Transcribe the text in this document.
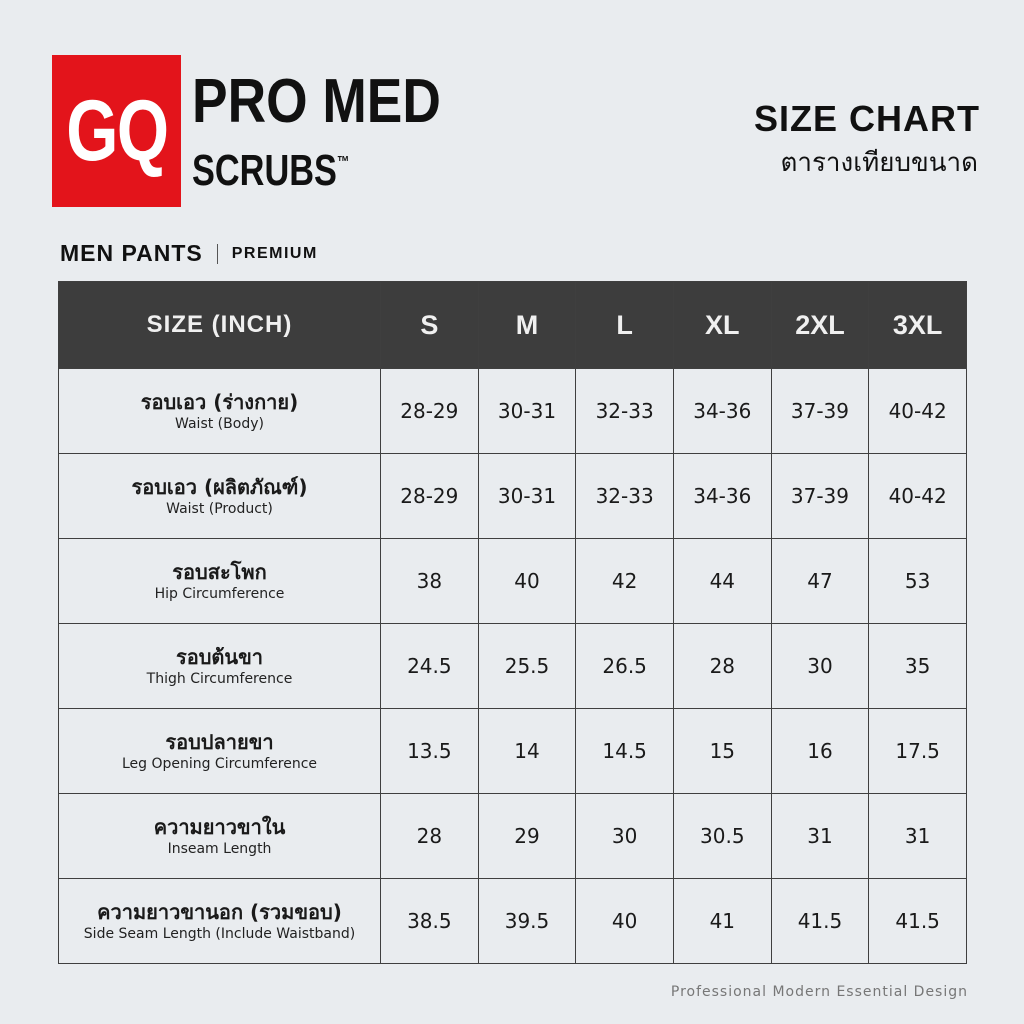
GQ PRO MED
SCRUBS™
SIZE CHART
ตารางเทียบขนาด
MEN PANTS PREMIUM
SIZE (INCH)	S	M	L	XL	2XL	3XL

รอบเอว (ร่างกาย)
Waist (Body)	28-29	30-31	32-33	34-36	37-39	40-42

รอบเอว (ผลิตภัณฑ์)
Waist (Product)	28-29	30-31	32-33	34-36	37-39	40-42

รอบสะโพก
Hip Circumference	38	40	42	44	47	53

รอบต้นขา
Thigh Circumference	24.5	25.5	26.5	28	30	35

รอบปลายขา
Leg Opening Circumference	13.5	14	14.5	15	16	17.5

ความยาวขาใน
Inseam Length	28	29	30	30.5	31	31

ความยาวขานอก (รวมขอบ)
Side Seam Length (Include Waistband)	38.5	39.5	40	41	41.5	41.5
Professional Modern Essential Design
